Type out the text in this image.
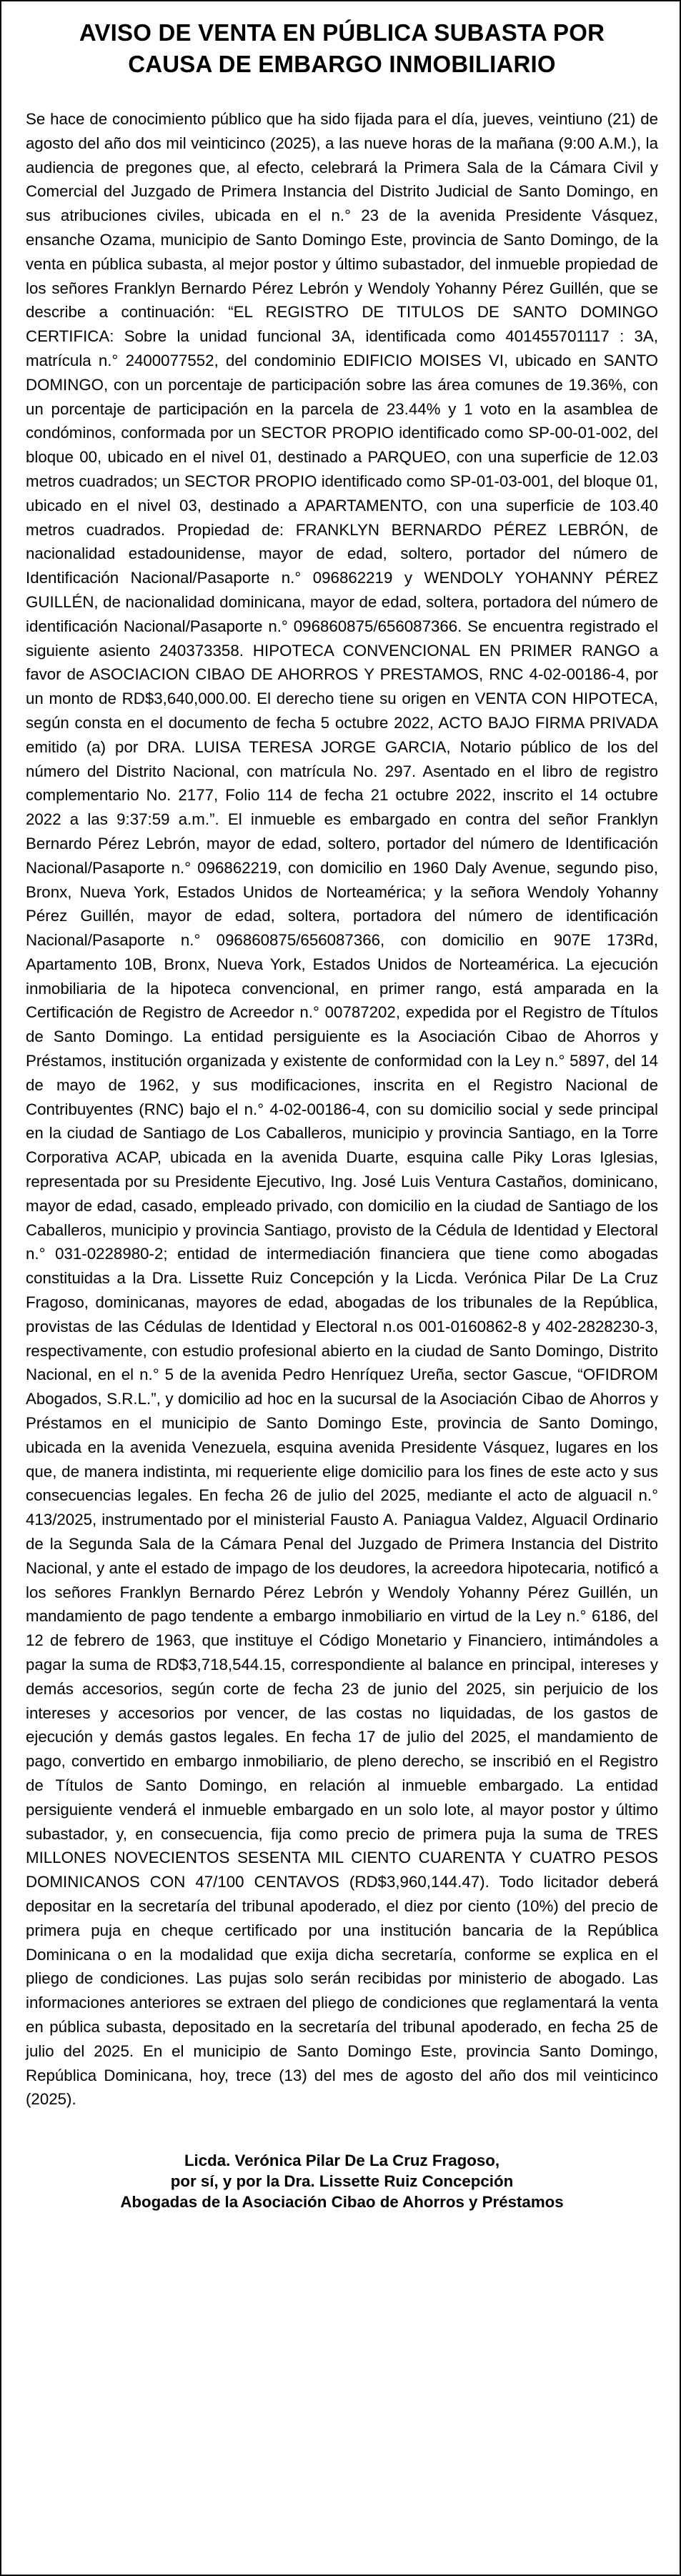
AVISO DE VENTA EN PÚBLICA SUBASTA POR
CAUSA DE EMBARGO INMOBILIARIO

Se hace de conocimiento público que ha sido fijada para el día, jueves, veintiuno (21) de agosto del año dos mil veinticinco (2025), a las nueve horas de la mañana (9:00 A.M.), la audiencia de pregones que, al efecto, celebrará la Primera Sala de la Cámara Civil y Comercial del Juzgado de Primera Instancia del Distrito Judicial de Santo Domingo, en sus atribuciones civiles, ubicada en el n.° 23 de la avenida Presidente Vásquez, ensanche Ozama, municipio de Santo Domingo Este, provincia de Santo Domingo, de la venta en pública subasta, al mejor postor y último subastador, del inmueble propiedad de los señores Franklyn Bernardo Pérez Lebrón y Wendoly Yohanny Pérez Guillén, que se describe a continuación: “EL REGISTRO DE TITULOS DE SANTO DOMINGO CERTIFICA: Sobre la unidad funcional 3A, identificada como 401455701117 : 3A, matrícula n.° 2400077552, del condominio EDIFICIO MOISES VI, ubicado en SANTO DOMINGO, con un porcentaje de participación sobre las área comunes de 19.36%, con un porcentaje de participación en la parcela de 23.44% y 1 voto en la asamblea de condóminos, conformada por un SECTOR PROPIO identificado como SP-00-01-002, del bloque 00, ubicado en el nivel 01, destinado a PARQUEO, con una superficie de 12.03 metros cuadrados; un SECTOR PROPIO identificado como SP-01-03-001, del bloque 01, ubicado en el nivel 03, destinado a APARTAMENTO, con una superficie de 103.40 metros cuadrados. Propiedad de: FRANKLYN BERNARDO PÉREZ LEBRÓN, de nacionalidad estadounidense, mayor de edad, soltero, portador del número de Identificación Nacional/Pasaporte n.° 096862219 y WENDOLY YOHANNY PÉREZ GUILLÉN, de nacionalidad dominicana, mayor de edad, soltera, portadora del número de identificación Nacional/Pasaporte n.° 096860875/656087366. Se encuentra registrado el siguiente asiento 240373358. HIPOTECA CONVENCIONAL EN PRIMER RANGO a favor de ASOCIACION CIBAO DE AHORROS Y PRESTAMOS, RNC 4-02-00186-4, por un monto de RD$3,640,000.00. El derecho tiene su origen en VENTA CON HIPOTECA, según consta en el documento de fecha 5 octubre 2022, ACTO BAJO FIRMA PRIVADA emitido (a) por DRA. LUISA TERESA JORGE GARCIA, Notario público de los del número del Distrito Nacional, con matrícula No. 297. Asentado en el libro de registro complementario No. 2177, Folio 114 de fecha 21 octubre 2022, inscrito el 14 octubre 2022 a las 9:37:59 a.m.”. El inmueble es embargado en contra del señor Franklyn Bernardo Pérez Lebrón, mayor de edad, soltero, portador del número de Identificación Nacional/Pasaporte n.° 096862219, con domicilio en 1960 Daly Avenue, segundo piso, Bronx, Nueva York, Estados Unidos de Norteamérica; y la señora Wendoly Yohanny Pérez Guillén, mayor de edad, soltera, portadora del número de identificación Nacional/Pasaporte n.° 096860875/656087366, con domicilio en 907E 173Rd, Apartamento 10B, Bronx, Nueva York, Estados Unidos de Norteamérica. La ejecución inmobiliaria de la hipoteca convencional, en primer rango, está amparada en la Certificación de Registro de Acreedor n.° 00787202, expedida por el Registro de Títulos de Santo Domingo. La entidad persiguiente es la Asociación Cibao de Ahorros y Préstamos, institución organizada y existente de conformidad con la Ley n.° 5897, del 14 de mayo de 1962, y sus modificaciones, inscrita en el Registro Nacional de Contribuyentes (RNC) bajo el n.° 4-02-00186-4, con su domicilio social y sede principal en la ciudad de Santiago de Los Caballeros, municipio y provincia Santiago, en la Torre Corporativa ACAP, ubicada en la avenida Duarte, esquina calle Piky Loras Iglesias, representada por su Presidente Ejecutivo, Ing. José Luis Ventura Castaños, dominicano, mayor de edad, casado, empleado privado, con domicilio en la ciudad de Santiago de los Caballeros, municipio y provincia Santiago, provisto de la Cédula de Identidad y Electoral n.° 031-0228980-2; entidad de intermediación financiera que tiene como abogadas constituidas a la Dra. Lissette Ruiz Concepción y la Licda. Verónica Pilar De La Cruz Fragoso, dominicanas, mayores de edad, abogadas de los tribunales de la República, provistas de las Cédulas de Identidad y Electoral n.os 001-0160862-8 y 402-2828230-3, respectivamente, con estudio profesional abierto en la ciudad de Santo Domingo, Distrito Nacional, en el n.° 5 de la avenida Pedro Henríquez Ureña, sector Gascue, “OFIDROM Abogados, S.R.L.”, y domicilio ad hoc en la sucursal de la Asociación Cibao de Ahorros y Préstamos en el municipio de Santo Domingo Este, provincia de Santo Domingo, ubicada en la avenida Venezuela, esquina avenida Presidente Vásquez, lugares en los que, de manera indistinta, mi requeriente elige domicilio para los fines de este acto y sus consecuencias legales. En fecha 26 de julio del 2025, mediante el acto de alguacil n.° 413/2025, instrumentado por el ministerial Fausto A. Paniagua Valdez, Alguacil Ordinario de la Segunda Sala de la Cámara Penal del Juzgado de Primera Instancia del Distrito Nacional, y ante el estado de impago de los deudores, la acreedora hipotecaria, notificó a los señores Franklyn Bernardo Pérez Lebrón y Wendoly Yohanny Pérez Guillén, un mandamiento de pago tendente a embargo inmobiliario en virtud de la Ley n.° 6186, del 12 de febrero de 1963, que instituye el Código Monetario y Financiero, intimándoles a pagar la suma de RD$3,718,544.15, correspondiente al balance en principal, intereses y demás accesorios, según corte de fecha 23 de junio del 2025, sin perjuicio de los intereses y accesorios por vencer, de las costas no liquidadas, de los gastos de ejecución y demás gastos legales. En fecha 17 de julio del 2025, el mandamiento de pago, convertido en embargo inmobiliario, de pleno derecho, se inscribió en el Registro de Títulos de Santo Domingo, en relación al inmueble embargado. La entidad persiguiente venderá el inmueble embargado en un solo lote, al mayor postor y último subastador, y, en consecuencia, fija como precio de primera puja la suma de TRES MILLONES NOVECIENTOS SESENTA MIL CIENTO CUARENTA Y CUATRO PESOS DOMINICANOS CON 47/100 CENTAVOS (RD$3,960,144.47). Todo licitador deberá depositar en la secretaría del tribunal apoderado, el diez por ciento (10%) del precio de primera puja en cheque certificado por una institución bancaria de la República Dominicana o en la modalidad que exija dicha secretaría, conforme se explica en el pliego de condiciones. Las pujas solo serán recibidas por ministerio de abogado. Las informaciones anteriores se extraen del pliego de condiciones que reglamentará la venta en pública subasta, depositado en la secretaría del tribunal apoderado, en fecha 25 de julio del 2025. En el municipio de Santo Domingo Este, provincia Santo Domingo, República Dominicana, hoy, trece (13) del mes de agosto del año dos mil veinticinco (2025).

Licda. Verónica Pilar De La Cruz Fragoso,
por sí, y por la Dra. Lissette Ruiz Concepción
Abogadas de la Asociación Cibao de Ahorros y Préstamos
